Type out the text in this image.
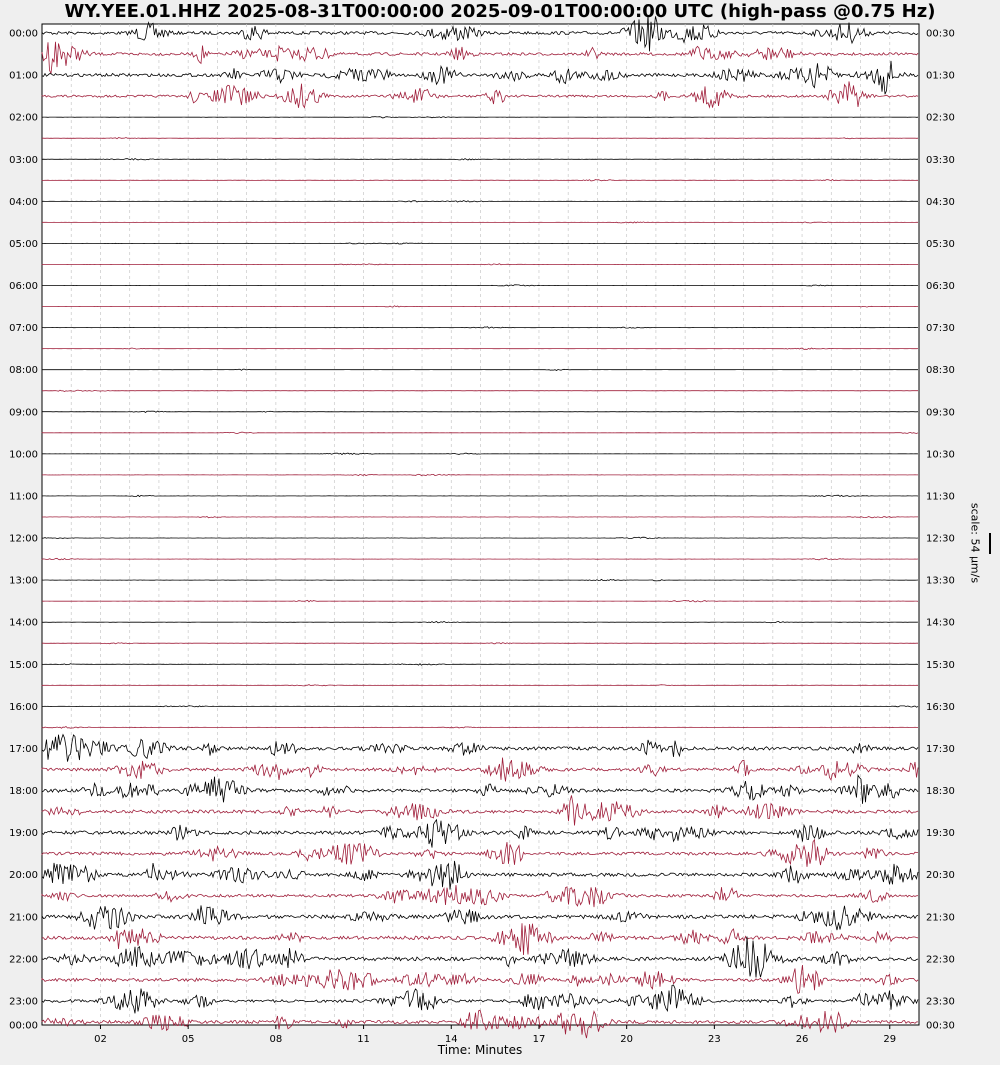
WY.YEE.01.HHZ 2025-08-31T00:00:00 2025-09-01T00:00:00 UTC (high-pass @0.75 Hz)
00:00
01:00
02:00
03:00
04:00
05:00
06:00
07:00
08:00
09:00
10:00
11:00
12:00
13:00
14:00
15:00
16:00
17:00
18:00
19:00
20:00
21:00
22:00
23:00
00:00
00:30
01:30
02:30
03:30
04:30
05:30
06:30
07:30
08:30
09:30
10:30
11:30
12:30
13:30
14:30
15:30
16:30
17:30
18:30
19:30
20:30
21:30
22:30
23:30
00:30
02	05	08	11	14	17	20	23	26	29
scale: 54 µm/s
Time: Minutes
